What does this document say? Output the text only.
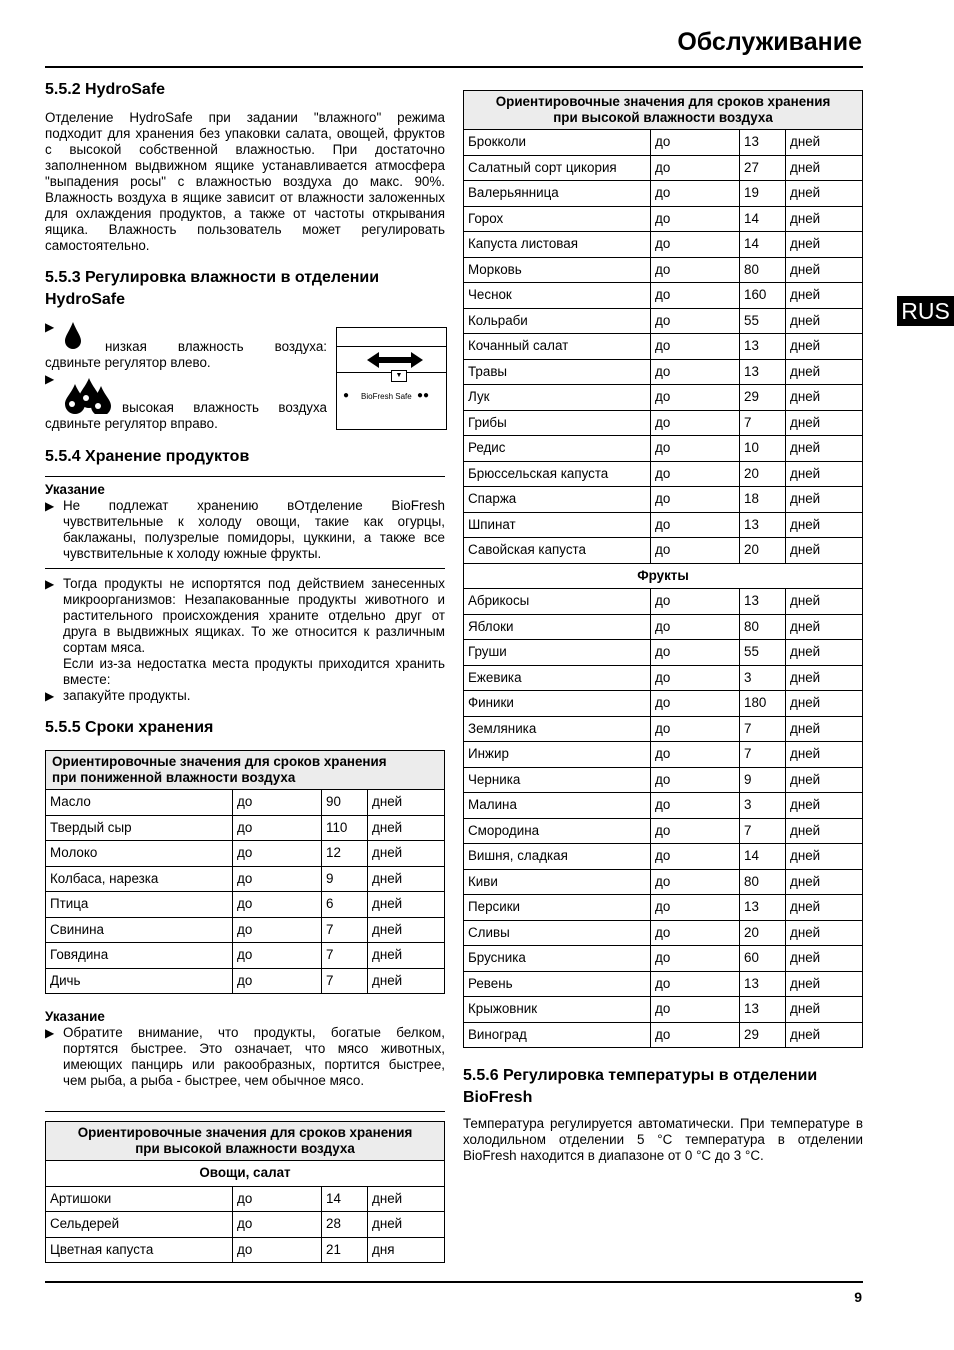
Обслуживание
RUS
5.5.2 HydroSafe

Отделение HydroSafe при задании "влажного" режима подходит для хранения без упаковки салата, овощей, фруктов с высокой собственной влажностью. При достаточно заполненном выдвижном ящике устанавливается атмосфера "выпадения росы" с влажностью воздуха до макс. 90%. Влажность воздуха в ящике зависит от влажности заложенных для охлаждения продуктов, а также от частоты открывания ящика. Влажность пользователь может регулировать самостоятельно.

5.5.3 Регулировка влажности в отделении
HydroSafe
▶
низкая влажность воздуха:
сдвиньте регулятор влево.
▶
высокая влажность воздуха
сдвиньте регулятор вправо.
▼
● BioFresh Safe ●●
5.5.4 Хранение продуктов
Указание
▶ Не подлежат хранению вОтделение BioFresh чувствительные к холоду овощи, такие как огурцы, баклажаны, полузрелые помидоры, цуккини, а также все чувствительные к холоду южные фрукты.
▶ Тогда продукты не испортятся под действием занесенных микроорганизмов: Незапакованные продукты животного и растительного происхождения храните отдельно друг от друга в выдвижных ящиках. То же относится к различным сортам мяса.
Если из-за недостатка места продукты приходится хранить вместе:
▶ запакуйте продукты.
5.5.5 Сроки хранения
Ориентировочные значения для сроков хранения
при пониженной влажности воздуха			
Масло	до	90	дней
Твердый сыр	до	110	дней
Молоко	до	12	дней
Колбаса, нарезка	до	9	дней
Птица	до	6	дней
Свинина	до	7	дней
Говядина	до	7	дней
Дичь	до	7	дней
Указание
▶ Обратите внимание, что продукты, богатые белком, портятся быстрее. Это означает, что мясо животных, имеющих панцирь или ракообразных, портится быстрее, чем рыба, а рыба - быстрее, чем обычное мясо.
Ориентировочные значения для сроков хранения
при высокой влажности воздуха			
Овощи, салат			
Артишоки	до	14	дней
Сельдерей	до	28	дней
Цветная капуста	до	21	дня
Ориентировочные значения для сроков хранения
при высокой влажности воздуха			
Брокколи	до	13	дней
Салатный сорт цикория	до	27	дней
Валерьянница	до	19	дней
Горох	до	14	дней
Капуста листовая	до	14	дней
Морковь	до	80	дней
Чеснок	до	160	дней
Кольраби	до	55	дней
Кочанный салат	до	13	дней
Травы	до	13	дней
Лук	до	29	дней
Грибы	до	7	дней
Редис	до	10	дней
Брюссельская капуста	до	20	дней
Спаржа	до	18	дней
Шпинат	до	13	дней
Савойская капуста	до	20	дней
Фрукты			
Абрикосы	до	13	дней
Яблоки	до	80	дней
Груши	до	55	дней
Ежевика	до	3	дней
Финики	до	180	дней
Земляника	до	7	дней
Инжир	до	7	дней
Черника	до	9	дней
Малина	до	3	дней
Смородина	до	7	дней
Вишня, сладкая	до	14	дней
Киви	до	80	дней
Персики	до	13	дней
Сливы	до	20	дней
Брусника	до	60	дней
Ревень	до	13	дней
Крыжовник	до	13	дней
Виноград	до	29	дней
5.5.6 Регулировка температуры в отделении
BioFresh

Температура регулируется автоматически. При температуре в холодильном отделении 5 °C температура в отделении BioFresh находится в диапазоне от 0 °C до 3 °C.

9
